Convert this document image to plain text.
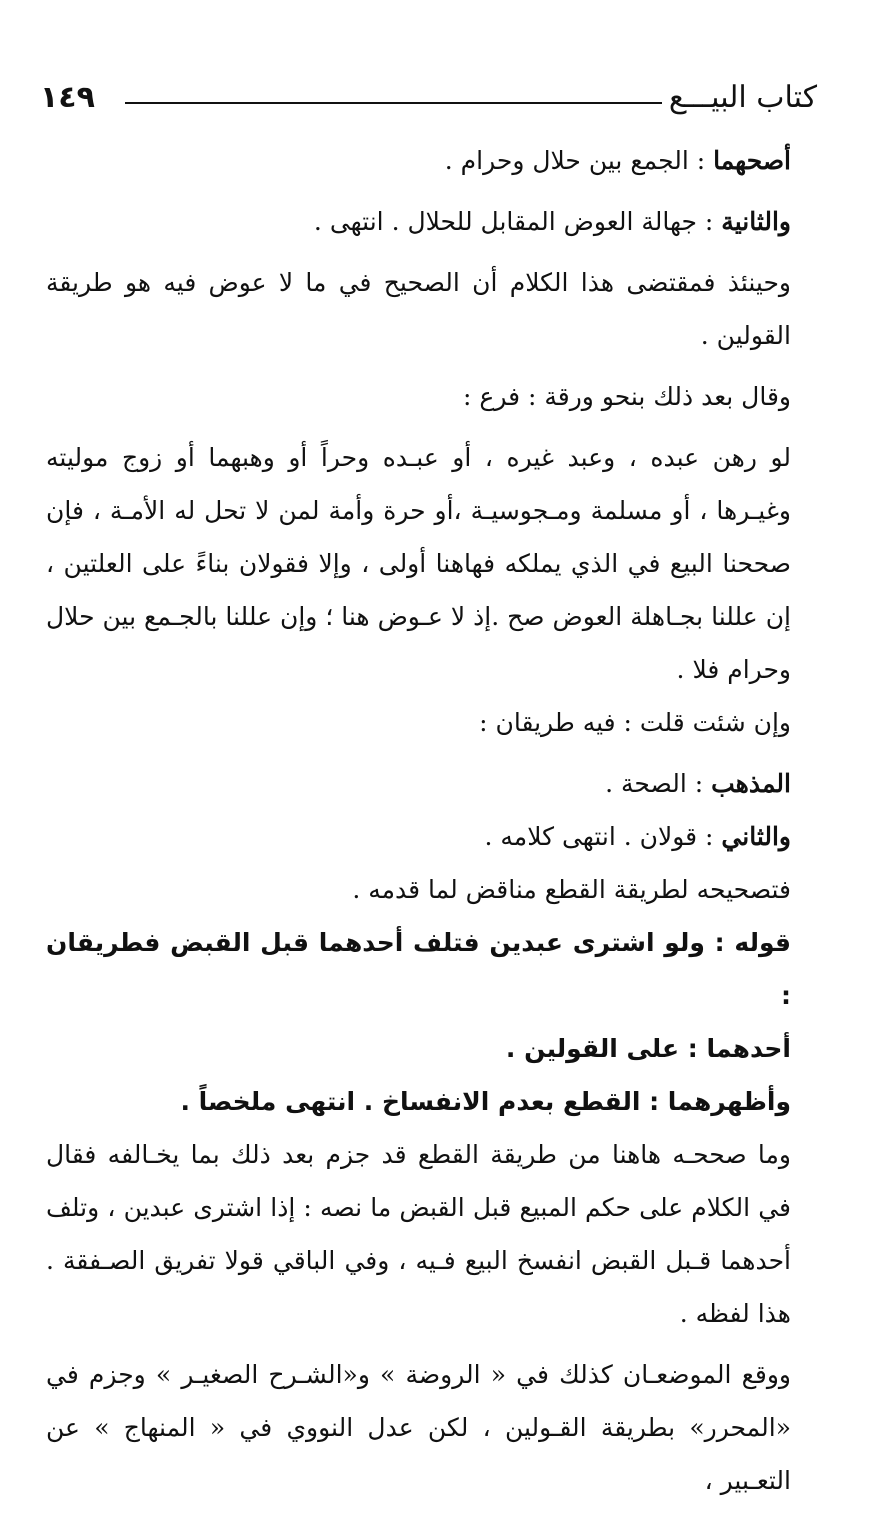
١٤٩	كتاب البيـــع

أصحهما : الجمع بين حلال وحرام .

والثانية : جهالة العوض المقابل للحلال . انتهى .

وحينئذ فمقتضى هذا الكلام أن الصحيح في ما لا عوض فيه هو طريقة القولين .

وقال بعد ذلك بنحو ورقة : فرع :

لو رهن عبده ، وعبد غيره ، أو عبـده وحراً أو وهبهما أو زوج موليته وغيـرها ، أو مسلمة ومـجوسيـة ،أو حرة وأمة لمن لا تحل له الأمـة ، فإن صححنا البيع في الذي يملكه فهاهنا أولى ، وإلا فقولان بناءً على العلتين ، إن عللنا بجـاهلة العوض صح .إذ لا عـوض هنا ؛ وإن عللنا بالجـمع بين حلال وحرام فلا .

وإن شئت قلت : فيه طريقان :

المذهب : الصحة .

والثاني : قولان . انتهى كلامه .

فتصحيحه لطريقة القطع مناقض لما قدمه .

قوله : ولو اشترى عبدين فتلف أحدهما قبل القبض فطريقان :

أحدهما : على القولين .

وأظهرهما : القطع بعدم الانفساخ . انتهى ملخصاً .

وما صححـه هاهنا من طريقة القطع قد جزم بعد ذلك بما يخـالفه فقال في الكلام على حكم المبيع قبل القبض ما نصه : إذا اشترى عبدين ، وتلف أحدهما قـبل القبض انفسخ البيع فـيه ، وفي الباقي قولا تفريق الصـفقة . هذا لفظه .

ووقع الموضعـان كذلك في « الروضة » و«الشـرح الصغيـر » وجزم في «المحرر» بطريقة القـولين ، لكن عدل النووي في « المنهاج » عن التعـبير ،
